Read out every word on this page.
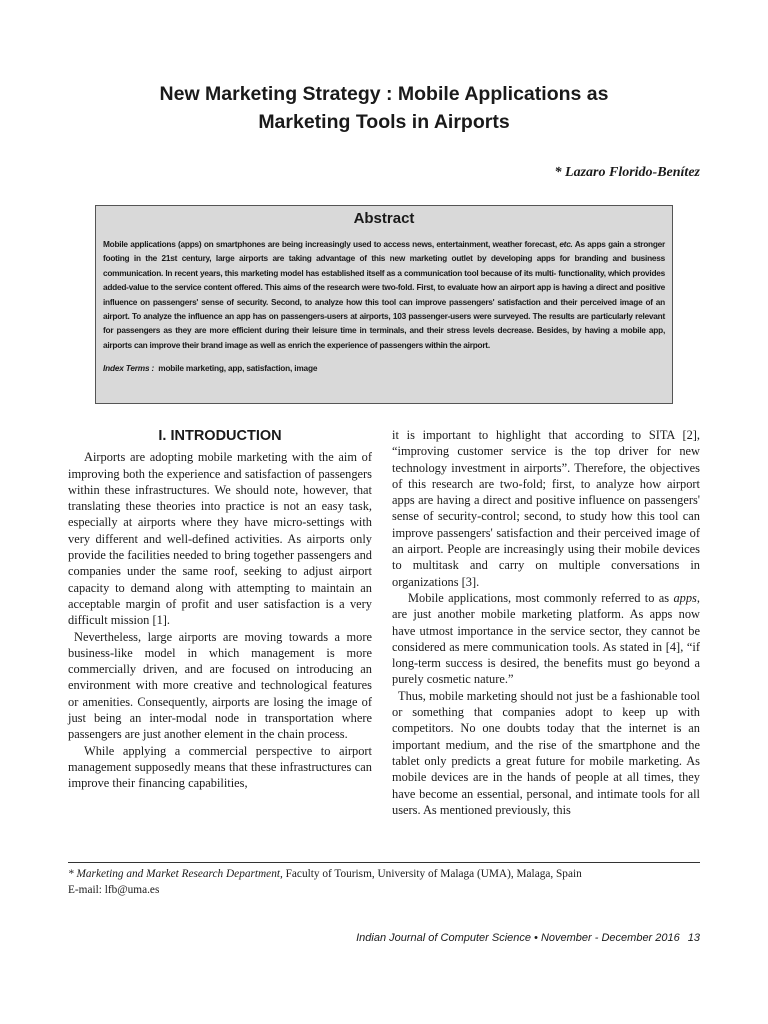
New Marketing Strategy : Mobile Applications as
Marketing Tools in Airports
* Lazaro Florido-Benítez
Abstract

Mobile applications (apps) on smartphones are being increasingly used to access news, entertainment, weather forecast, etc. As apps gain a stronger footing in the 21st century, large airports are taking advantage of this new marketing outlet by developing apps for branding and business communication. In recent years, this marketing model has established itself as a communication tool because of its multi- functionality, which provides added-value to the service content offered. This aims of the research were two-fold. First, to evaluate how an airport app is having a direct and positive influence on passengers' sense of security. Second, to analyze how this tool can improve passengers' satisfaction and their perceived image of an airport. To analyze the influence an app has on passengers-users at airports, 103 passenger-users were surveyed. The results are particularly relevant for passengers as they are more efficient during their leisure time in terminals, and their stress levels decrease. Besides, by having a mobile app, airports can improve their brand image as well as enrich the experience of passengers within the airport.

Index Terms : mobile marketing, app, satisfaction, image

I. INTRODUCTION

Airports are adopting mobile marketing with the aim of improving both the experience and satisfaction of passengers within these infrastructures. We should note, however, that translating these theories into practice is not an easy task, especially at airports where they have micro-settings with very different and well-defined activities. As airports only provide the facilities needed to bring together passengers and companies under the same roof, seeking to adjust airport capacity to demand along with attempting to maintain an acceptable margin of profit and user satisfaction is a very difficult mission [1].

Nevertheless, large airports are moving towards a more business-like model in which management is more commercially driven, and are focused on introducing an environment with more creative and technological features or amenities. Consequently, airports are losing the image of just being an inter-modal node in transportation where passengers are just another element in the chain process.

While applying a commercial perspective to airport management supposedly means that these infrastructures can improve their financing capabilities,

it is important to highlight that according to SITA [2], “improving customer service is the top driver for new technology investment in airports”. Therefore, the objectives of this research are two-fold; first, to analyze how airport apps are having a direct and positive influence on passengers' sense of security-control; second, to study how this tool can improve passengers' satisfaction and their perceived image of an airport. People are increasingly using their mobile devices to multitask and carry on multiple conversations in organizations [3].

Mobile applications, most commonly referred to as apps, are just another mobile marketing platform. As apps now have utmost importance in the service sector, they cannot be considered as mere communication tools. As stated in [4], “if long-term success is desired, the benefits must go beyond a purely cosmetic nature.”

Thus, mobile marketing should not just be a fashionable tool or something that companies adopt to keep up with competitors. No one doubts today that the internet is an important medium, and the rise of the smartphone and the tablet only predicts a great future for mobile marketing. As mobile devices are in the hands of people at all times, they have become an essential, personal, and intimate tools for all users. As mentioned previously, this

* Marketing and Market Research Department, Faculty of Tourism, University of Malaga (UMA), Malaga, Spain
E-mail: lfb@uma.es
Indian Journal of Computer Science • November - December 2016 13
